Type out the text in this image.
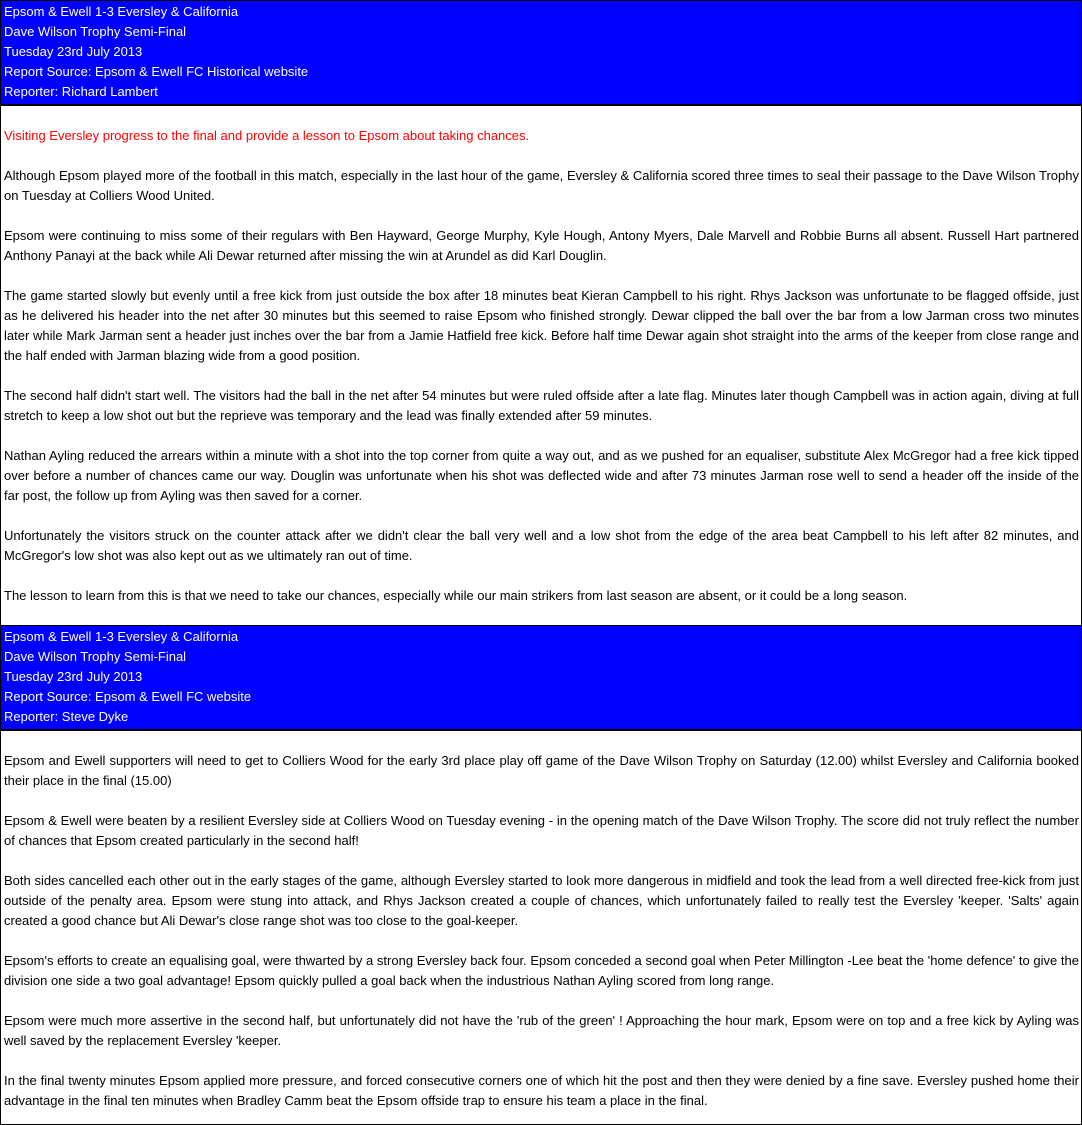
Epsom & Ewell 1-3 Eversley & California
Dave Wilson Trophy Semi-Final
Tuesday 23rd July 2013
Report Source: Epsom & Ewell FC Historical website
Reporter: Richard Lambert

Visiting Eversley progress to the final and provide a lesson to Epsom about taking chances.

Although Epsom played more of the football in this match, especially in the last hour of the game, Eversley & California scored three times to seal their passage to the Dave Wilson Trophy on Tuesday at Colliers Wood United.

Epsom were continuing to miss some of their regulars with Ben Hayward, George Murphy, Kyle Hough, Antony Myers, Dale Marvell and Robbie Burns all absent. Russell Hart partnered Anthony Panayi at the back while Ali Dewar returned after missing the win at Arundel as did Karl Douglin.

The game started slowly but evenly until a free kick from just outside the box after 18 minutes beat Kieran Campbell to his right. Rhys Jackson was unfortunate to be flagged offside, just as he delivered his header into the net after 30 minutes but this seemed to raise Epsom who finished strongly. Dewar clipped the ball over the bar from a low Jarman cross two minutes later while Mark Jarman sent a header just inches over the bar from a Jamie Hatfield free kick. Before half time Dewar again shot straight into the arms of the keeper from close range and the half ended with Jarman blazing wide from a good position.

The second half didn't start well. The visitors had the ball in the net after 54 minutes but were ruled offside after a late flag. Minutes later though Campbell was in action again, diving at full stretch to keep a low shot out but the reprieve was temporary and the lead was finally extended after 59 minutes.

Nathan Ayling reduced the arrears within a minute with a shot into the top corner from quite a way out, and as we pushed for an equaliser, substitute Alex McGregor had a free kick tipped over before a number of chances came our way. Douglin was unfortunate when his shot was deflected wide and after 73 minutes Jarman rose well to send a header off the inside of the far post, the follow up from Ayling was then saved for a corner.

Unfortunately the visitors struck on the counter attack after we didn't clear the ball very well and a low shot from the edge of the area beat Campbell to his left after 82 minutes, and McGregor's low shot was also kept out as we ultimately ran out of time.

The lesson to learn from this is that we need to take our chances, especially while our main strikers from last season are absent, or it could be a long season.

Epsom & Ewell 1-3 Eversley & California
Dave Wilson Trophy Semi-Final
Tuesday 23rd July 2013
Report Source: Epsom & Ewell FC website
Reporter: Steve Dyke

Epsom and Ewell supporters will need to get to Colliers Wood for the early 3rd place play off game of the Dave Wilson Trophy on Saturday (12.00) whilst Eversley and California booked their place in the final (15.00)

Epsom & Ewell were beaten by a resilient Eversley side at Colliers Wood on Tuesday evening - in the opening match of the Dave Wilson Trophy. The score did not truly reflect the number of chances that Epsom created particularly in the second half!

Both sides cancelled each other out in the early stages of the game, although Eversley started to look more dangerous in midfield and took the lead from a well directed free-kick from just outside of the penalty area. Epsom were stung into attack, and Rhys Jackson created a couple of chances, which unfortunately failed to really test the Eversley 'keeper. 'Salts' again created a good chance but Ali Dewar's close range shot was too close to the goal-keeper.

Epsom's efforts to create an equalising goal, were thwarted by a strong Eversley back four. Epsom conceded a second goal when Peter Millington -Lee beat the 'home defence' to give the division one side a two goal advantage! Epsom quickly pulled a goal back when the industrious Nathan Ayling scored from long range.

Epsom were much more assertive in the second half, but unfortunately did not have the 'rub of the green' ! Approaching the hour mark, Epsom were on top and a free kick by Ayling was well saved by the replacement Eversley 'keeper.

In the final twenty minutes Epsom applied more pressure, and forced consecutive corners one of which hit the post and then they were denied by a fine save. Eversley pushed home their advantage in the final ten minutes when Bradley Camm beat the Epsom offside trap to ensure his team a place in the final.
